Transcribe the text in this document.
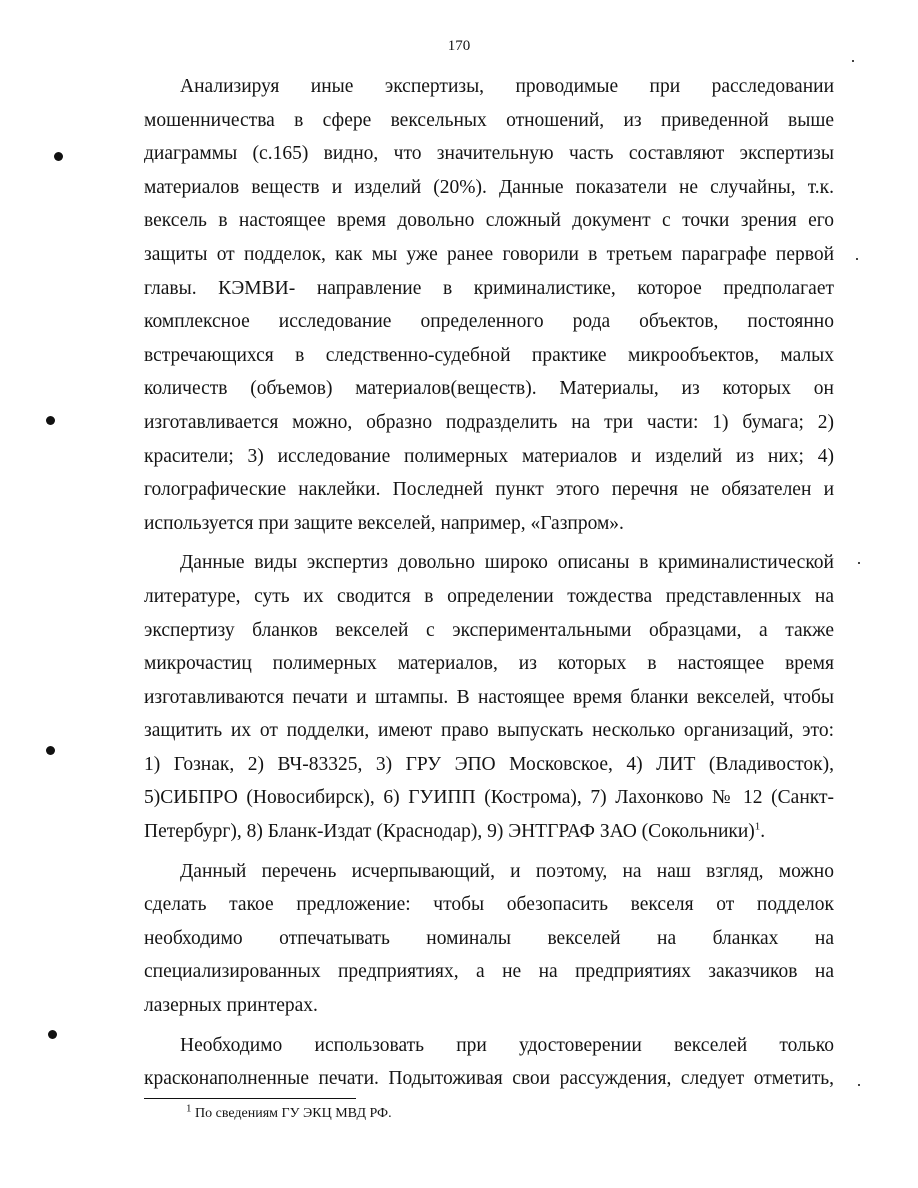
170
Анализируя иные экспертизы, проводимые при расследовании
мошенничества в сфере вексельных отношений, из приведенной выше
диаграммы (с.165) видно, что значительную часть составляют экспертизы
материалов веществ и изделий (20%). Данные показатели не случайны, т.к.
вексель в настоящее время довольно сложный документ с точки зрения его
защиты от подделок, как мы уже ранее говорили в третьем параграфе первой
главы. КЭМВИ- направление в криминалистике, которое предполагает
комплексное исследование определенного рода объектов, постоянно
встречающихся в следственно-судебной практике микрообъектов, малых
количеств (объемов) материалов(веществ). Материалы, из которых он
изготавливается можно, образно подразделить на три части: 1) бумага; 2)
красители; 3) исследование полимерных материалов и изделий из них; 4)
голографические наклейки. Последней пункт этого перечня не обязателен и
используется при защите векселей, например, «Газпром».
Данные виды экспертиз довольно широко описаны в криминалистической
литературе, суть их сводится в определении тождества представленных на
экспертизу бланков векселей с экспериментальными образцами, а также
микрочастиц полимерных материалов, из которых в настоящее время
изготавливаются печати и штампы. В настоящее время бланки векселей, чтобы
защитить их от подделки, имеют право выпускать несколько организаций, это:
1) Гознак, 2) ВЧ-83325, 3) ГРУ ЭПО Московское, 4) ЛИТ (Владивосток),
5)СИБПРО (Новосибирск), 6) ГУИПП (Кострома), 7) Лахонково № 12 (Санкт-
Петербург), 8) Бланк-Издат (Краснодар), 9) ЭНТГРАФ ЗАО (Сокольники)$^1$.
Данный перечень исчерпывающий, и поэтому, на наш взгляд, можно
сделать такое предложение: чтобы обезопасить векселя от подделок
необходимо отпечатывать номиналы векселей на бланках на
специализированных предприятиях, а не на предприятиях заказчиков на
лазерных принтерах.
Необходимо использовать при удостоверении векселей только
красконаполненные печати. Подытоживая свои рассуждения, следует отметить,
$^1$ По сведениям ГУ ЭКЦ МВД РФ.
